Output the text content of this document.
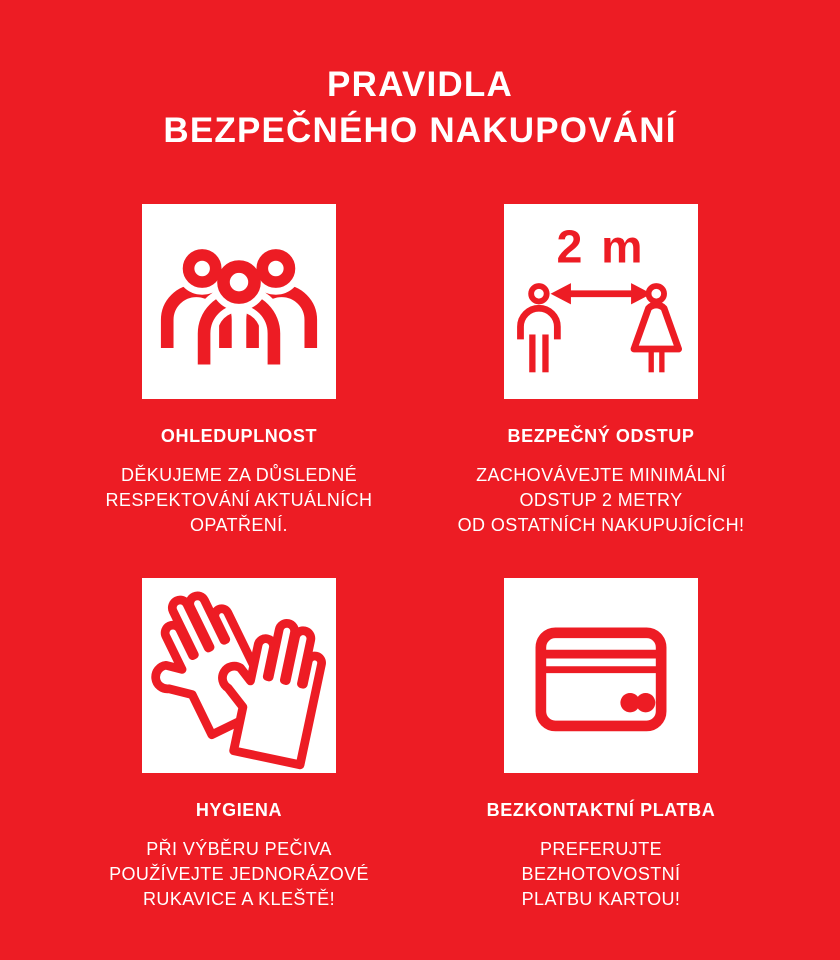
PRAVIDLA
BEZPEČNÉHO NAKUPOVÁNÍ
OHLEDUPLNOST
DĚKUJEME ZA DŮSLEDNÉ
RESPEKTOVÁNÍ AKTUÁLNÍCH
OPATŘENÍ.
2 m
BEZPEČNÝ ODSTUP
ZACHOVÁVEJTE MINIMÁLNÍ
ODSTUP 2 METRY
OD OSTATNÍCH NAKUPUJÍCÍCH!
HYGIENA
PŘI VÝBĚRU PEČIVA
POUŽÍVEJTE JEDNORÁZOVÉ
RUKAVICE A KLEŠTĚ!
BEZKONTAKTNÍ PLATBA
PREFERUJTE
BEZHOTOVOSTNÍ
PLATBU KARTOU!
